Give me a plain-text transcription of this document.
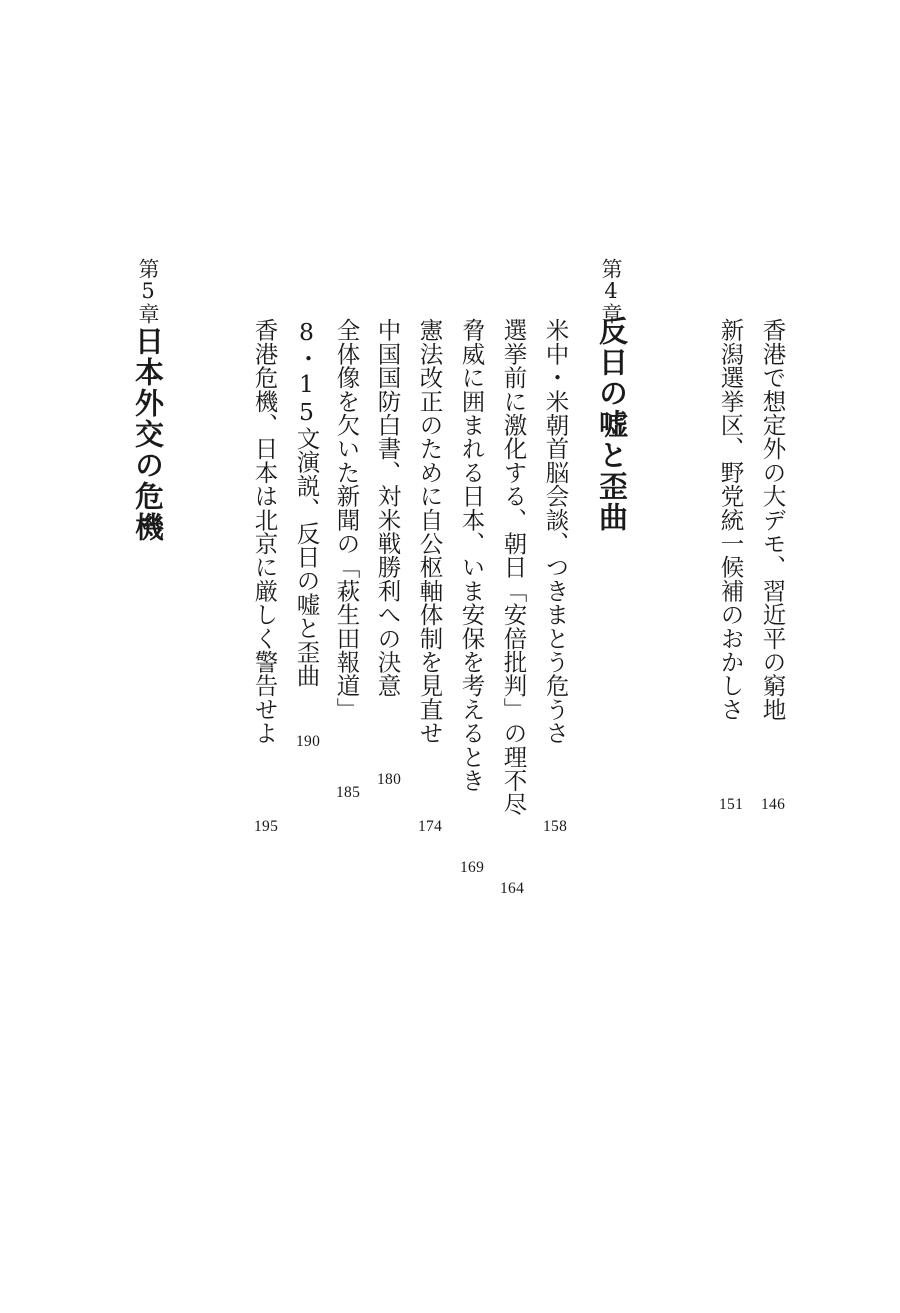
香港で想定外の大デモ、習近平の窮地
146
新潟選挙区、野党統一候補のおかしさ
151
第4章
反日の嘘と歪曲
米中・米朝首脳会談、つきまとう危うさ
158
選挙前に激化する、朝日「安倍批判」の理不尽
164
脅威に囲まれる日本、いま安保を考えるとき
169
憲法改正のために自公枢軸体制を見直せ
174
中国国防白書、対米戦勝利への決意
180
全体像を欠いた新聞の「萩生田報道」
185
8・15文演説、反日の嘘と歪曲
190
香港危機、日本は北京に厳しく警告せよ
195
第5章
日本外交の危機
